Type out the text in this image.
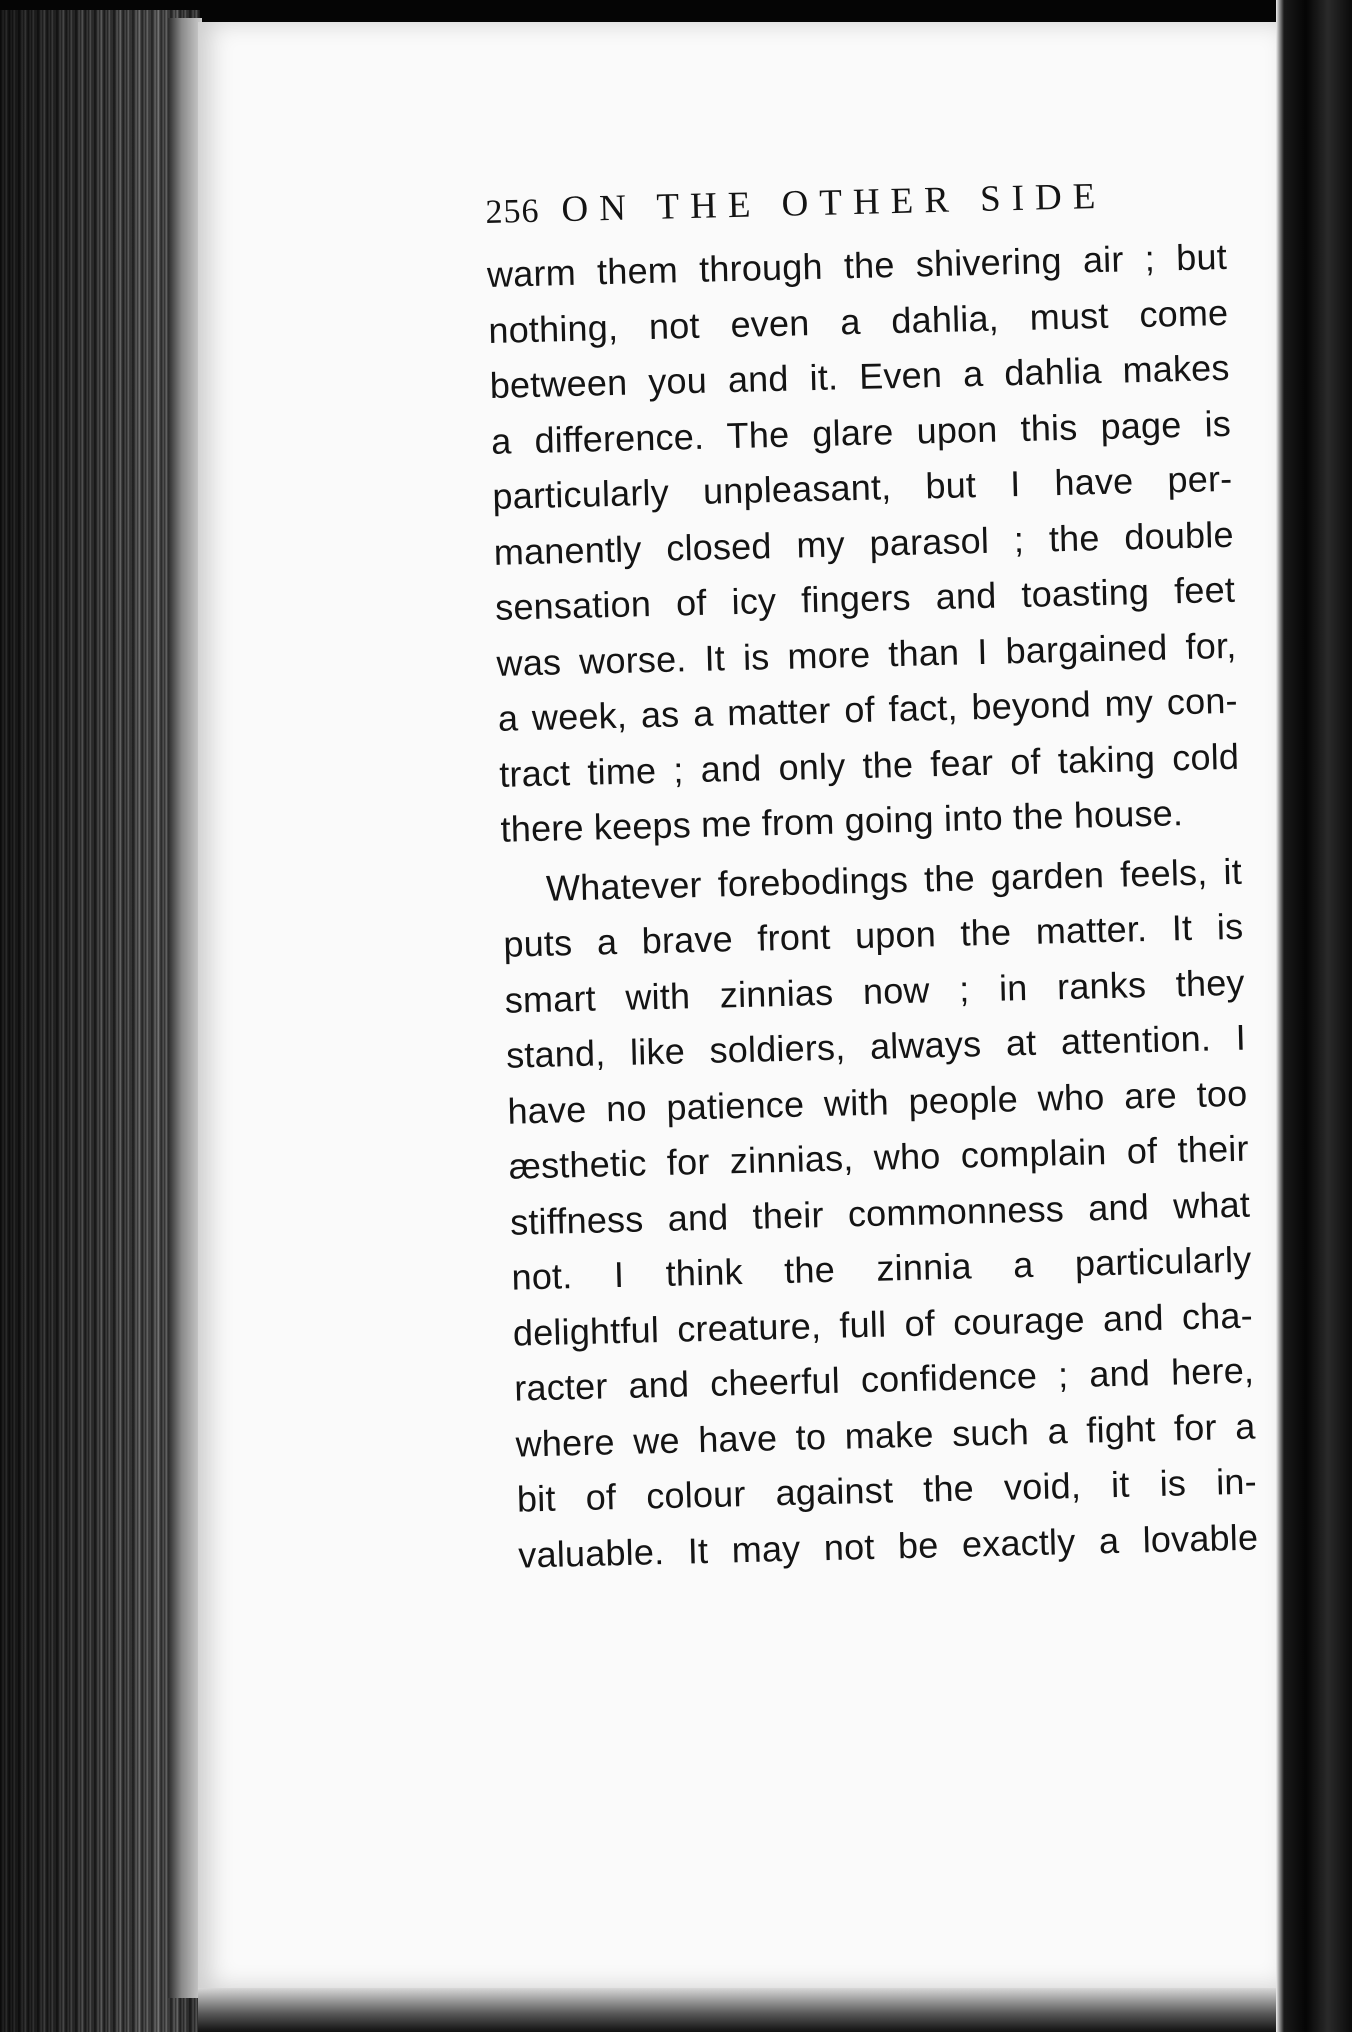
256 ON THE OTHER SIDE
warm them through the shivering air ; but
nothing, not even a dahlia, must come
between you and it. Even a dahlia makes
a difference. The glare upon this page is
particularly unpleasant, but I have per-
manently closed my parasol ; the double
sensation of icy fingers and toasting feet
was worse. It is more than I bargained for,
a week, as a matter of fact, beyond my con-
tract time ; and only the fear of taking cold
there keeps me from going into the house.
Whatever forebodings the garden feels, it
puts a brave front upon the matter. It is
smart with zinnias now ; in ranks they
stand, like soldiers, always at attention. I
have no patience with people who are too
æsthetic for zinnias, who complain of their
stiffness and their commonness and what
not. I think the zinnia a particularly
delightful creature, full of courage and cha-
racter and cheerful confidence ; and here,
where we have to make such a fight for a
bit of colour against the void, it is in-
valuable. It may not be exactly a lovable
